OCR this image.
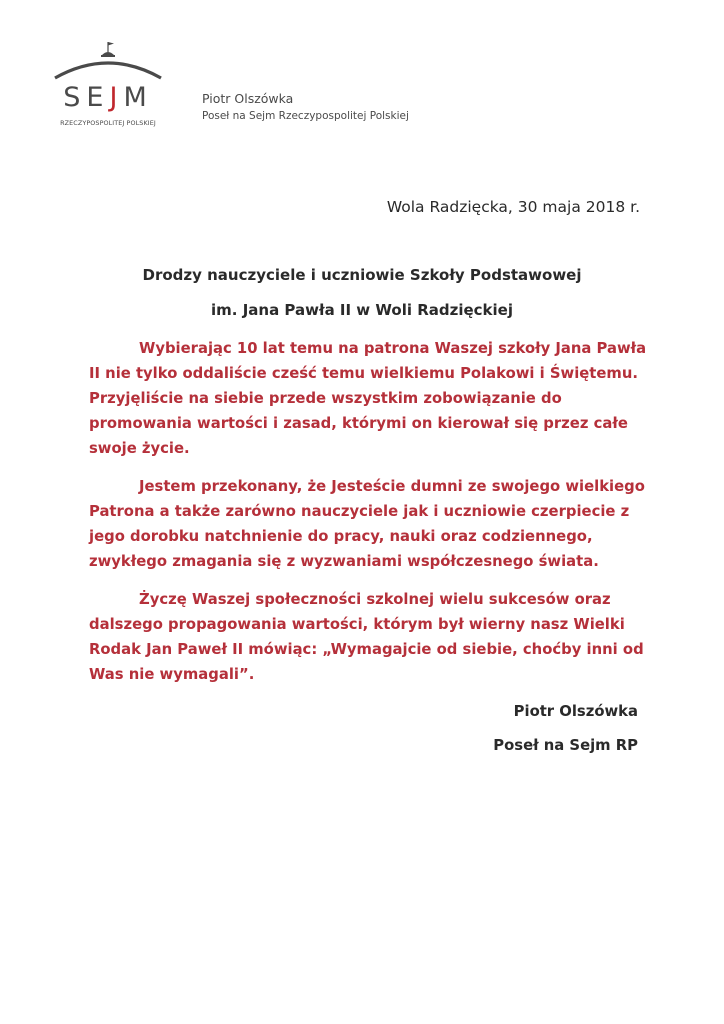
SEJM
RZECZYPOSPOLITEJ POLSKIEJ
Piotr Olszówka
Poseł na Sejm Rzeczypospolitej Polskiej
Wola Radzięcka, 30 maja 2018 r.
Drodzy nauczyciele i uczniowie Szkoły Podstawowej
im. Jana Pawła II w Woli Radzięckiej

Wybierając 10 lat temu na patrona Waszej szkoły Jana Pawła II nie tylko oddaliście cześć temu wielkiemu Polakowi i Świętemu. Przyjęliście na siebie przede wszystkim zobowiązanie do promowania wartości i zasad, którymi on kierował się przez całe swoje życie.

Jestem przekonany, że Jesteście dumni ze swojego wielkiego Patrona a także zarówno nauczyciele jak i uczniowie czerpiecie z jego dorobku natchnienie do pracy, nauki oraz codziennego, zwykłego zmagania się z wyzwaniami współczesnego świata.

Życzę Waszej społeczności szkolnej wielu sukcesów oraz dalszego propagowania wartości, którym był wierny nasz Wielki Rodak Jan Paweł II mówiąc: „Wymagajcie od siebie, choćby inni od Was nie wymagali”.

Piotr Olszówka
Poseł na Sejm RP
